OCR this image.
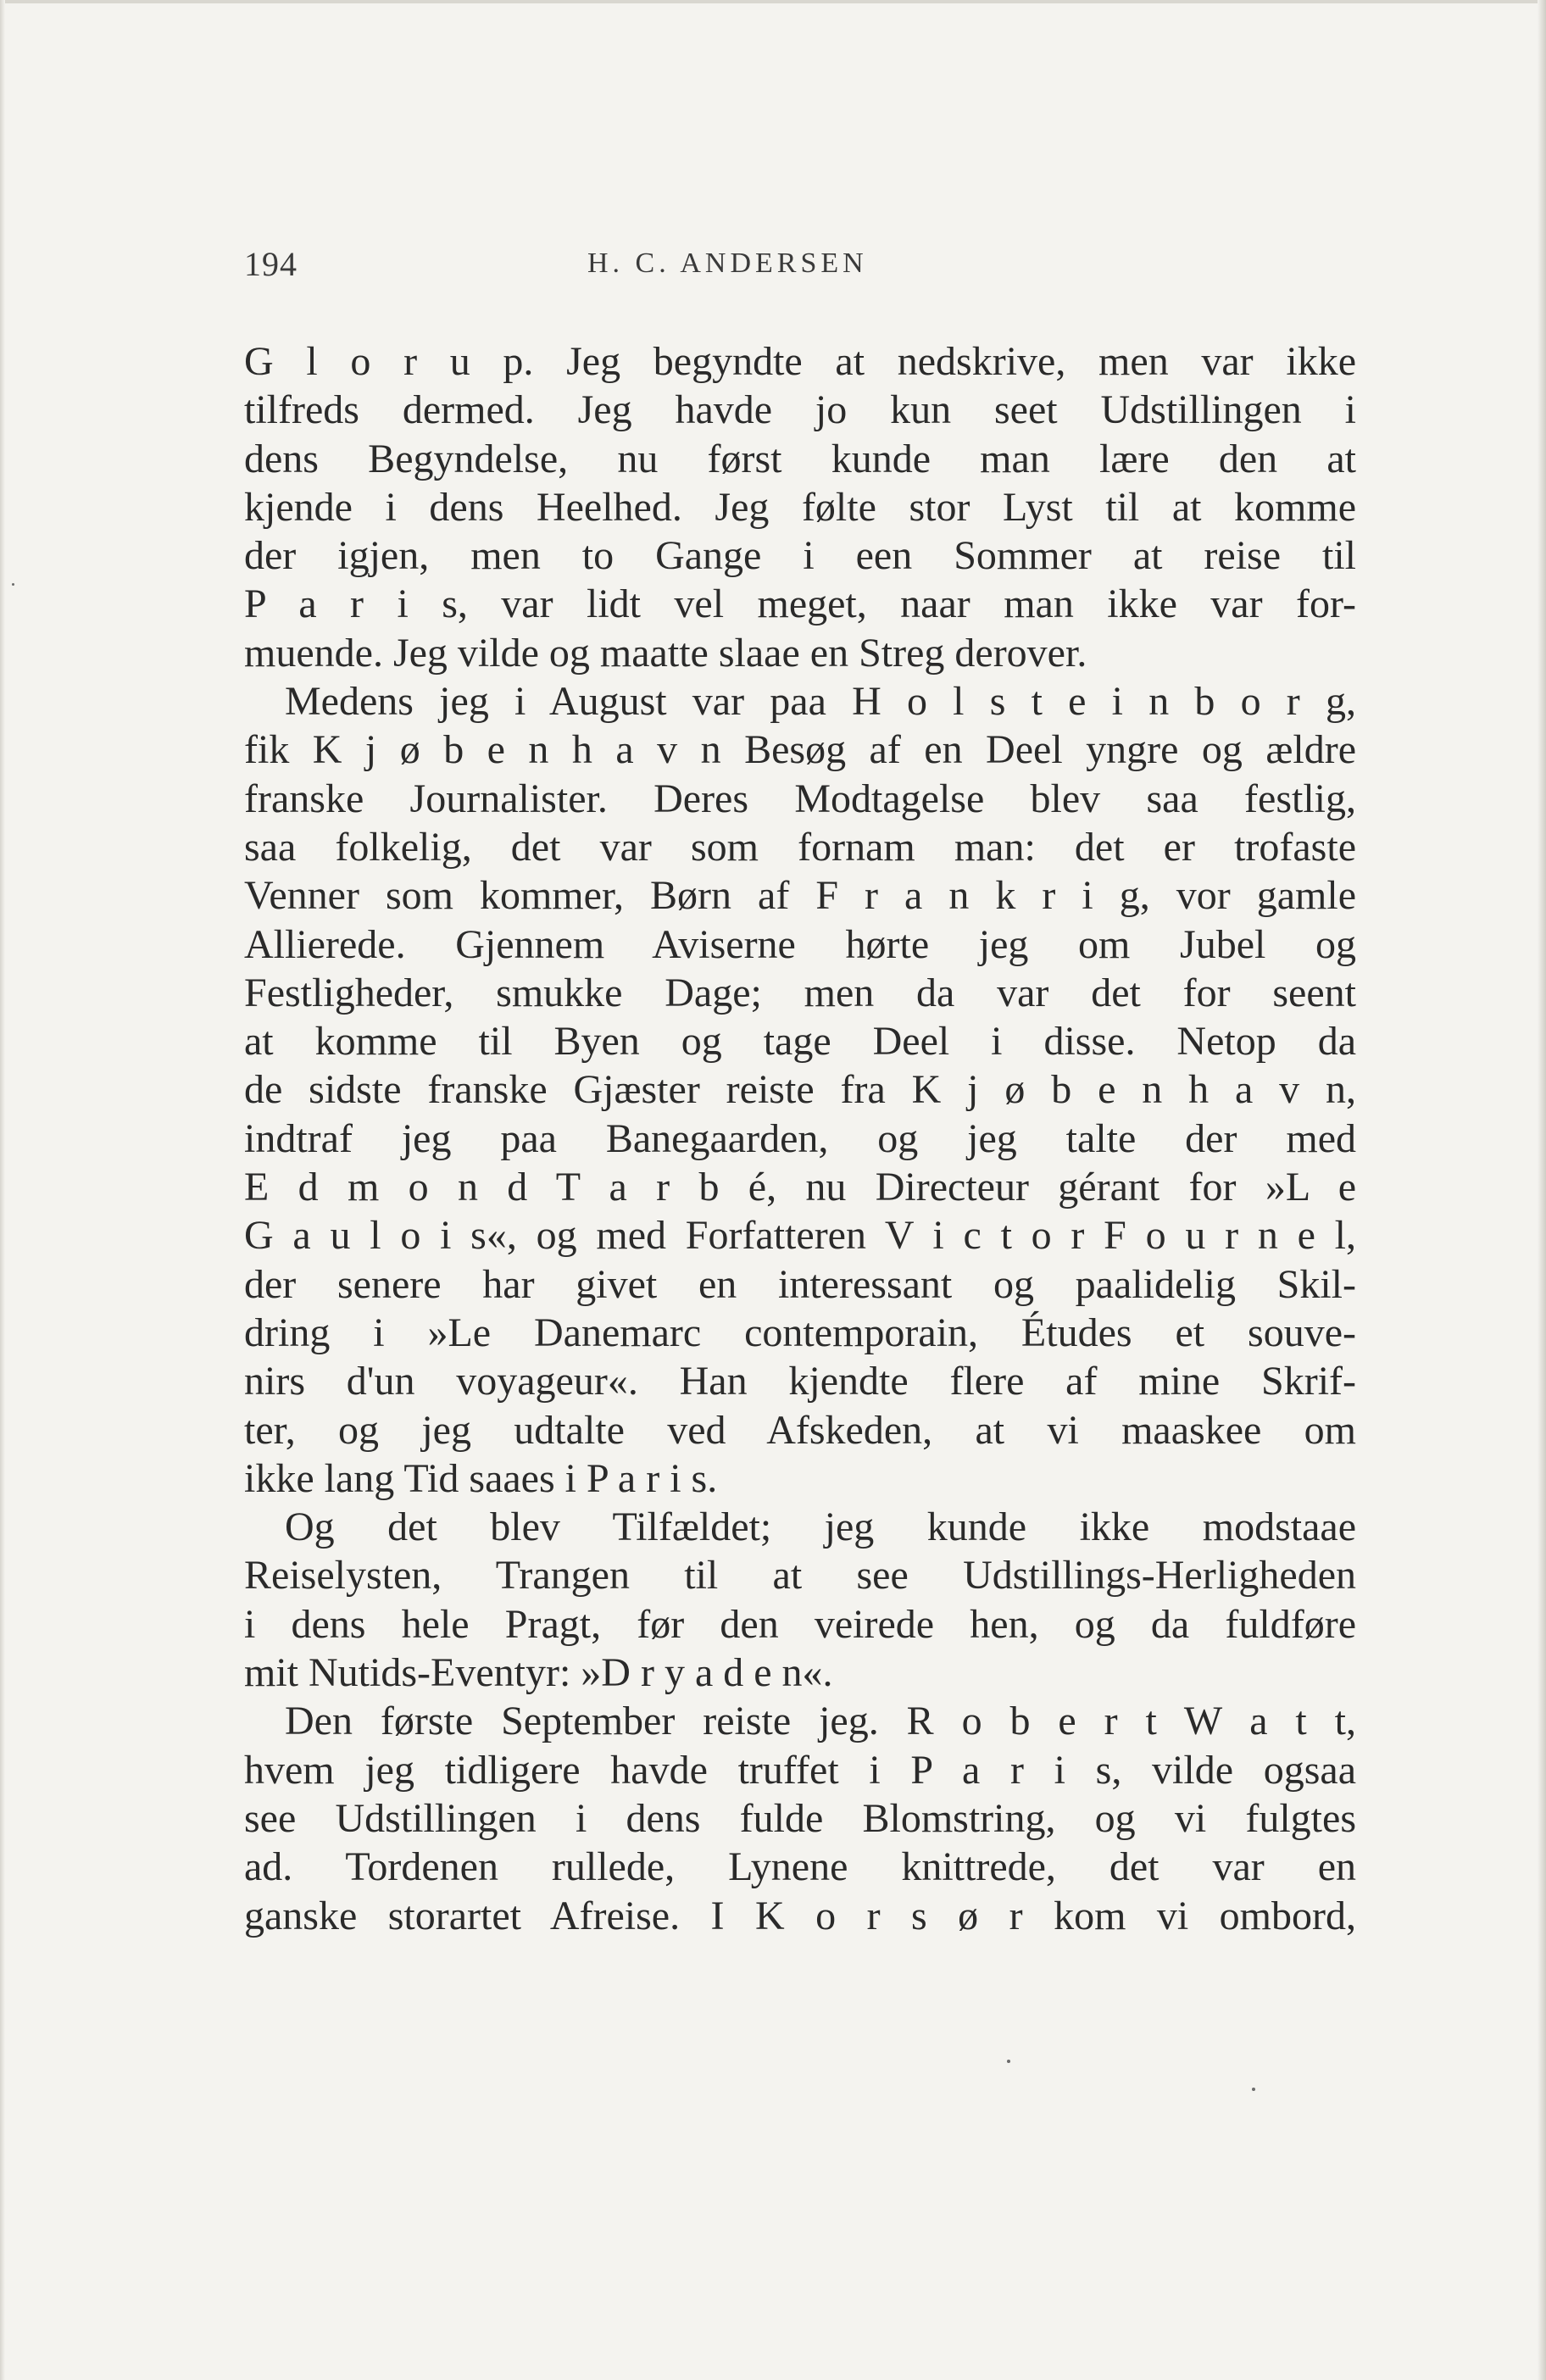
194	H. C. ANDERSEN
G l o r u p. Jeg begyndte at nedskrive, men var ikke
tilfreds dermed. Jeg havde jo kun seet Udstillingen i
dens Begyndelse, nu først kunde man lære den at
kjende i dens Heelhed. Jeg følte stor Lyst til at komme
der igjen, men to Gange i een Sommer at reise til
P a r i s, var lidt vel meget, naar man ikke var for-
muende. Jeg vilde og maatte slaae en Streg derover.
Medens jeg i August var paa H o l s t e i n b o r g,
fik K j ø b e n h a v n Besøg af en Deel yngre og ældre
franske Journalister. Deres Modtagelse blev saa festlig,
saa folkelig, det var som fornam man: det er trofaste
Venner som kommer, Børn af F r a n k r i g, vor gamle
Allierede. Gjennem Aviserne hørte jeg om Jubel og
Festligheder, smukke Dage; men da var det for seent
at komme til Byen og tage Deel i disse. Netop da
de sidste franske Gjæster reiste fra K j ø b e n h a v n,
indtraf jeg paa Banegaarden, og jeg talte der med
E d m o n d T a r b é, nu Directeur gérant for »L e
G a u l o i s«, og med Forfatteren V i c t o r F o u r n e l,
der senere har givet en interessant og paalidelig Skil-
dring i »Le Danemarc contemporain, Études et souve-
nirs d'un voyageur«. Han kjendte flere af mine Skrif-
ter, og jeg udtalte ved Afskeden, at vi maaskee om
ikke lang Tid saaes i P a r i s.
Og det blev Tilfældet; jeg kunde ikke modstaae
Reiselysten, Trangen til at see Udstillings-Herligheden
i dens hele Pragt, før den veirede hen, og da fuldføre
mit Nutids-Eventyr: »D r y a d e n«.
Den første September reiste jeg. R o b e r t W a t t,
hvem jeg tidligere havde truffet i P a r i s, vilde ogsaa
see Udstillingen i dens fulde Blomstring, og vi fulgtes
ad. Tordenen rullede, Lynene knittrede, det var en
ganske storartet Afreise. I K o r s ø r kom vi ombord,
